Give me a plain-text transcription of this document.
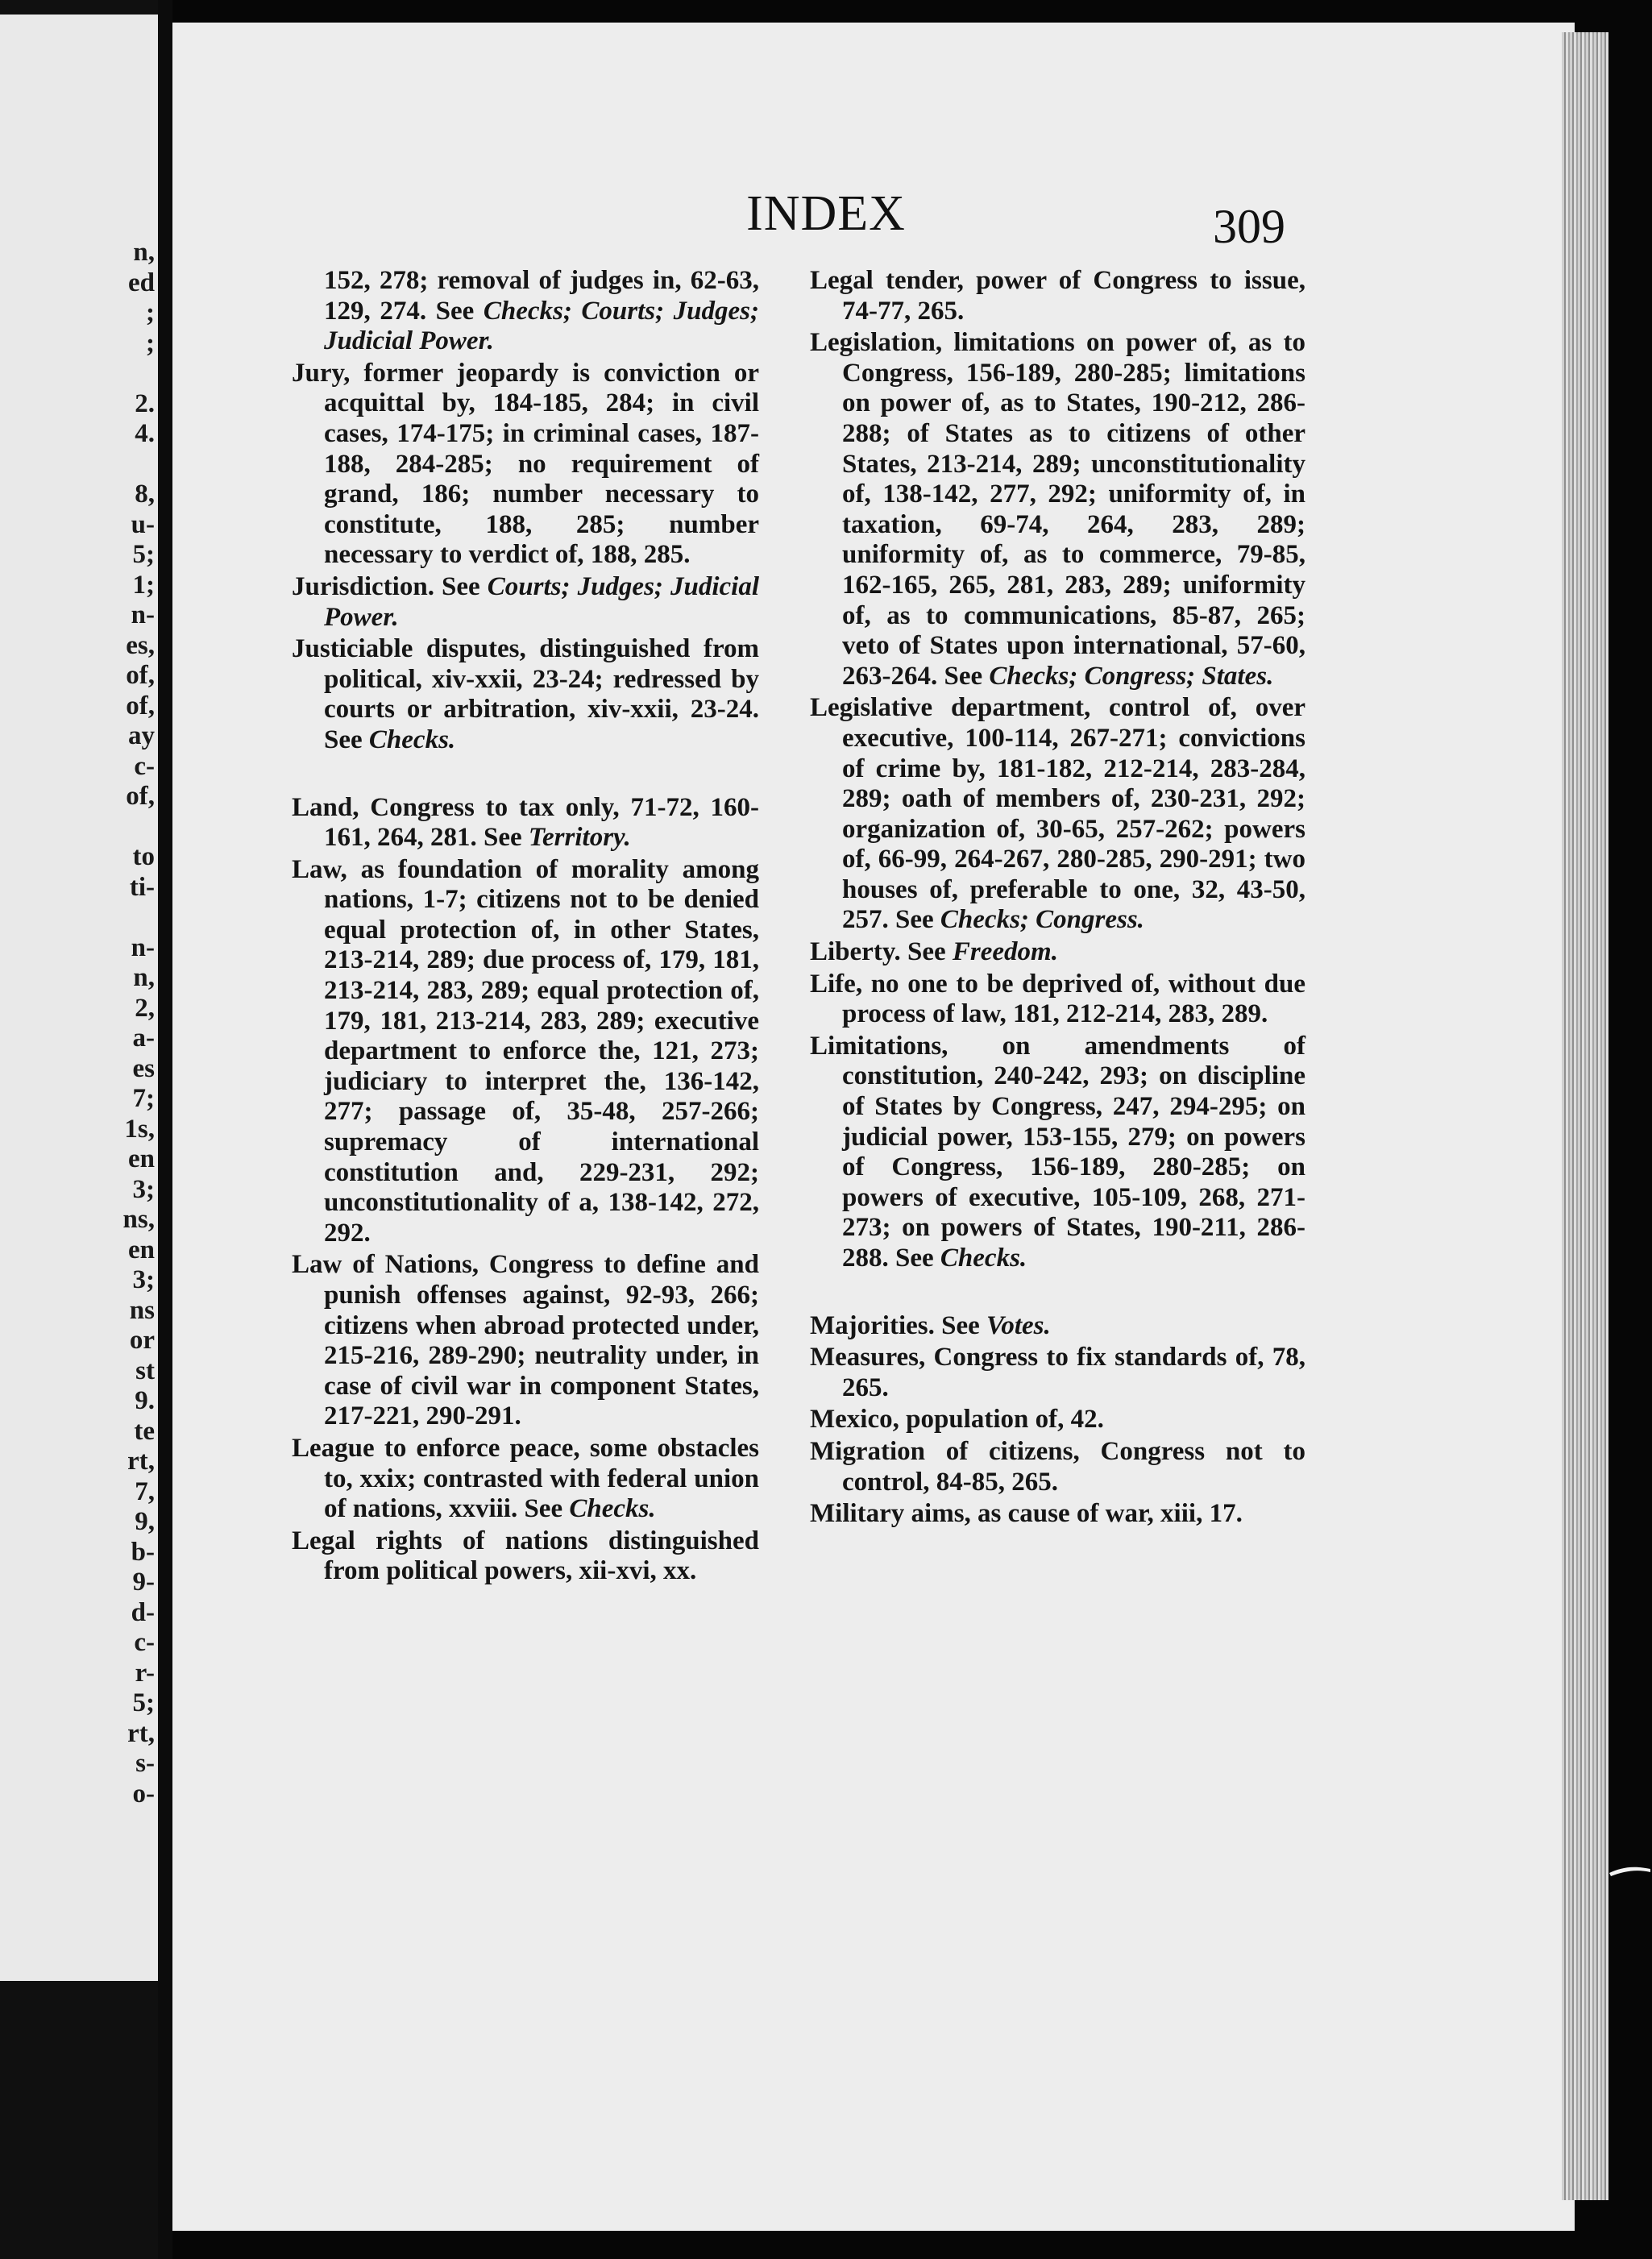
n,
ed
;
;
2.
4.
8,
u-
5;
1;
n-
es,
of,
of,
ay
c-
of,
to
ti-
n-
n,
2,
a-
es
7;
1s,
en
3;
ns,
en
3;
ns
or
st
9.
te
rt,
7,
9,
b-
9-
d-
c-
r-
5;
rt,
s-
o-
INDEX	309
152, 278; removal of judges in, 62-63, 129, 274. See Checks; Courts; Judges; Judicial Power.
Jury, former jeopardy is conviction or acquittal by, 184-185, 284; in civil cases, 174-175; in criminal cases, 187-188, 284-285; no requirement of grand, 186; number necessary to constitute, 188, 285; number necessary to verdict of, 188, 285.
Jurisdiction. See Courts; Judges; Judicial Power.
Justiciable disputes, distinguished from political, xiv-xxii, 23-24; redressed by courts or arbitration, xiv-xxii, 23-24. See Checks.
Land, Congress to tax only, 71-72, 160-161, 264, 281. See Territory.
Law, as foundation of morality among nations, 1-7; citizens not to be denied equal protection of, in other States, 213-214, 289; due process of, 179, 181, 213-214, 283, 289; equal protection of, 179, 181, 213-214, 283, 289; executive department to enforce the, 121, 273; judiciary to interpret the, 136-142, 277; passage of, 35-48, 257-266; supremacy of international constitution and, 229-231, 292; unconstitutionality of a, 138-142, 272, 292.
Law of Nations, Congress to define and punish offenses against, 92-93, 266; citizens when abroad protected under, 215-216, 289-290; neutrality under, in case of civil war in component States, 217-221, 290-291.
League to enforce peace, some obstacles to, xxix; contrasted with federal union of nations, xxviii. See Checks.
Legal rights of nations distinguished from political powers, xii-xvi, xx.
Legal tender, power of Congress to issue, 74-77, 265.
Legislation, limitations on power of, as to Congress, 156-189, 280-285; limitations on power of, as to States, 190-212, 286-288; of States as to citizens of other States, 213-214, 289; unconstitutionality of, 138-142, 277, 292; uniformity of, in taxation, 69-74, 264, 283, 289; uniformity of, as to commerce, 79-85, 162-165, 265, 281, 283, 289; uniformity of, as to communications, 85-87, 265; veto of States upon international, 57-60, 263-264. See Checks; Congress; States.
Legislative department, control of, over executive, 100-114, 267-271; convictions of crime by, 181-182, 212-214, 283-284, 289; oath of members of, 230-231, 292; organization of, 30-65, 257-262; powers of, 66-99, 264-267, 280-285, 290-291; two houses of, preferable to one, 32, 43-50, 257. See Checks; Congress.
Liberty. See Freedom.
Life, no one to be deprived of, without due process of law, 181, 212-214, 283, 289.
Limitations, on amendments of constitution, 240-242, 293; on discipline of States by Congress, 247, 294-295; on judicial power, 153-155, 279; on powers of Congress, 156-189, 280-285; on powers of executive, 105-109, 268, 271-273; on powers of States, 190-211, 286-288. See Checks.
Majorities. See Votes.
Measures, Congress to fix standards of, 78, 265.
Mexico, population of, 42.
Migration of citizens, Congress not to control, 84-85, 265.
Military aims, as cause of war, xiii, 17.
